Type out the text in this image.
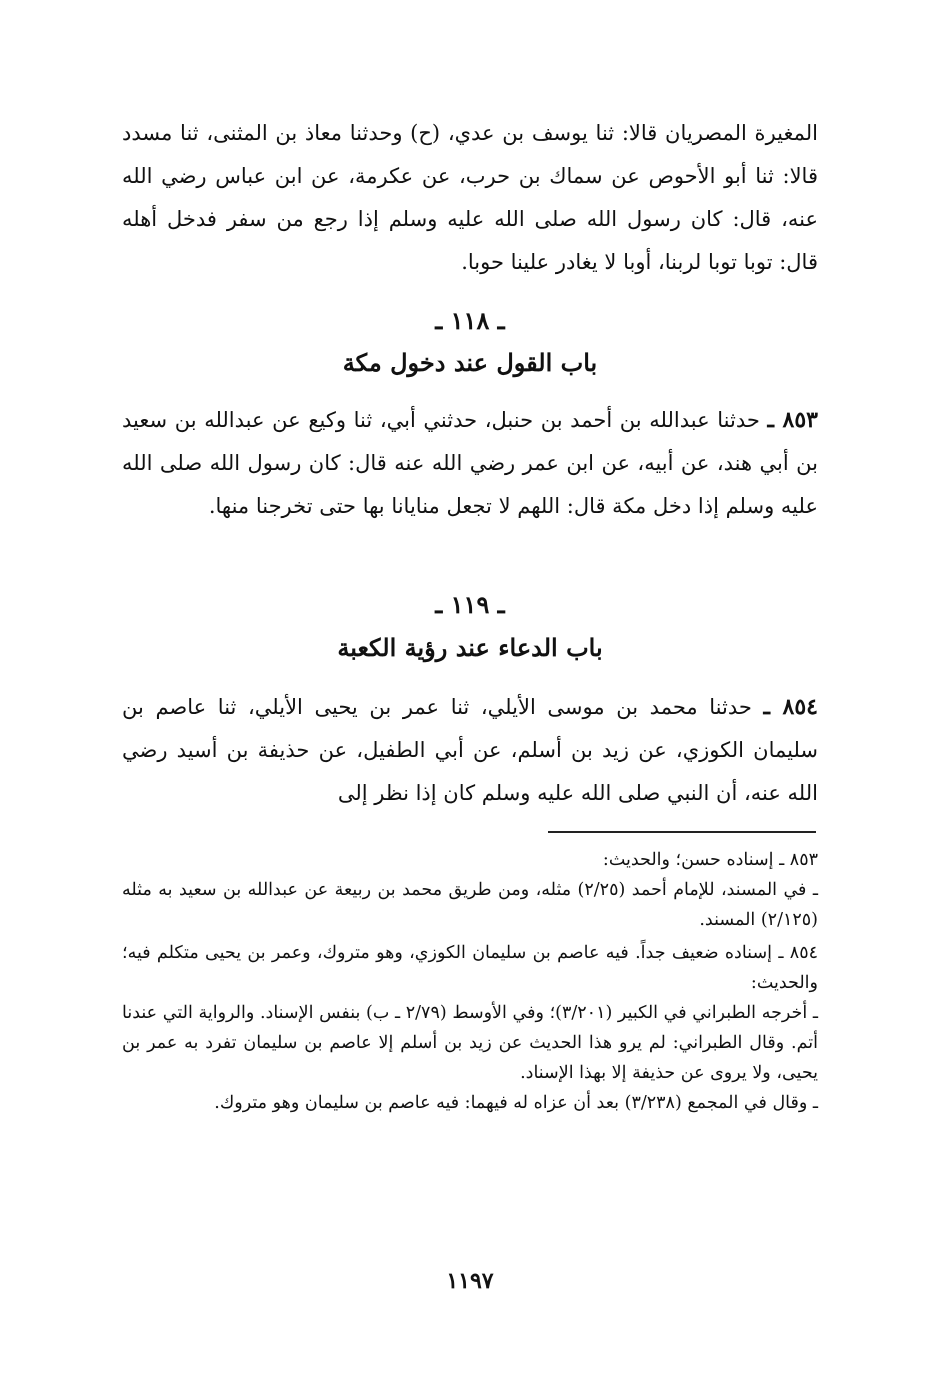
المغيرة المصريان قالا: ثنا يوسف بن عدي، (ح) وحدثنا معاذ بن المثنى، ثنا مسدد قالا: ثنا أبو الأحوص عن سماك بن حرب، عن عكرمة، عن ابن عباس رضي الله عنه، قال: كان رسول الله صلى الله عليه وسلم إذا رجع من سفر فدخل أهله قال: توبا توبا لربنا، أوبا لا يغادر علينا حوبا.

ـ ١١٨ ـ
باب القول عند دخول مكة

٨٥٣ ـ حدثنا عبدالله بن أحمد بن حنبل، حدثني أبي، ثنا وكيع عن عبدالله بن سعيد بن أبي هند، عن أبيه، عن ابن عمر رضي الله عنه قال: كان رسول الله صلى الله عليه وسلم إذا دخل مكة قال: اللهم لا تجعل منايانا بها حتى تخرجنا منها.

ـ ١١٩ ـ
باب الدعاء عند رؤية الكعبة

٨٥٤ ـ حدثنا محمد بن موسى الأيلي، ثنا عمر بن يحيى الأيلي، ثنا عاصم بن سليمان الكوزي، عن زيد بن أسلم، عن أبي الطفيل، عن حذيفة بن أسيد رضي الله عنه، أن النبي صلى الله عليه وسلم كان إذا نظر إلى

٨٥٣ ـ إسناده حسن؛ والحديث:
ـ في المسند، للإمام أحمد (٢/٢٥) مثله، ومن طريق محمد بن ربيعة عن عبدالله بن سعيد به مثله (٢/١٢٥) المسند.
٨٥٤ ـ إسناده ضعيف جداً. فيه عاصم بن سليمان الكوزي، وهو متروك، وعمر بن يحيى متكلم فيه؛ والحديث:
ـ أخرجه الطبراني في الكبير (٣/٢٠١)؛ وفي الأوسط (٢/٧٩ ـ ب) بنفس الإسناد. والرواية التي عندنا أتم. وقال الطبراني: لم يرو هذا الحديث عن زيد بن أسلم إلا عاصم بن سليمان تفرد به عمر بن يحيى، ولا يروى عن حذيفة إلا بهذا الإسناد.
ـ وقال في المجمع (٣/٢٣٨) بعد أن عزاه له فيهما: فيه عاصم بن سليمان وهو متروك.
١١٩٧
